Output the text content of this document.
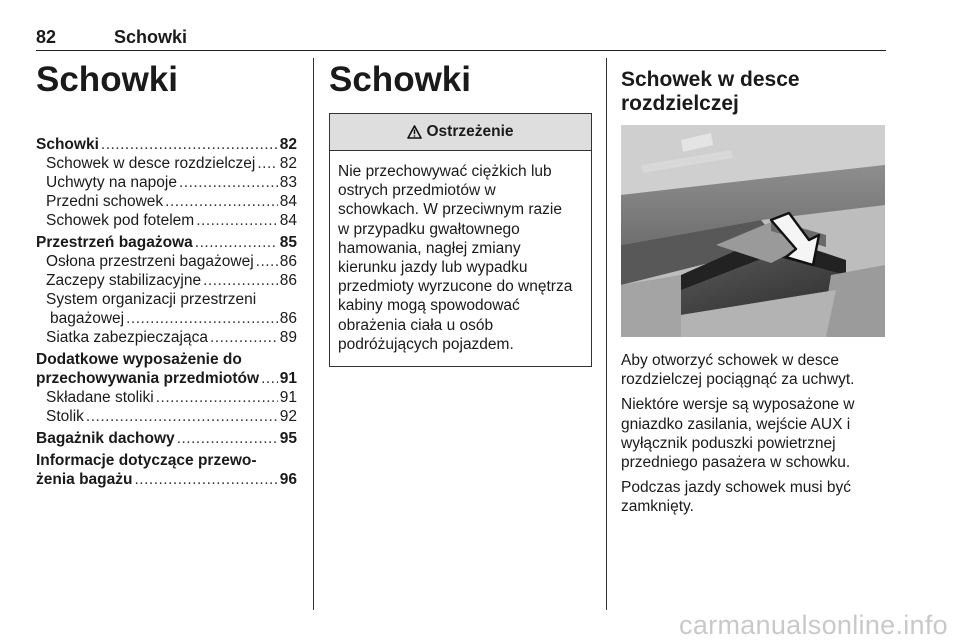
82	Schowki
Schowki
Schowki .....	82
Schowek w desce rozdzielczej ..... 82
Uchwyty na napoje .....	83
Przedni schowek .....	84
Schowek pod fotelem .....	84
Przestrzeń bagażowa .....	85
Osłona przestrzeni bagażowej ..... 86
Zaczepy stabilizacyjne .....	86
System organizacji przestrzeni
bagażowej .....	86
Siatka zabezpieczająca .....	89
Dodatkowe wyposażenie do
przechowywania przedmiotów ..... 91
Składane stoliki .....	91
Stolik .....	92
Bagażnik dachowy .....	95
Informacje dotyczące przewo-
żenia bagażu .....	96
Schowki
Ostrzeżenie
Nie przechowywać ciężkich lub
ostrych przedmiotów w
schowkach. W przeciwnym razie
w przypadku gwałtownego
hamowania, nagłej zmiany
kierunku jazdy lub wypadku
przedmioty wyrzucone do wnętrza
kabiny mogą spowodować
obrażenia ciała u osób
podróżujących pojazdem.
Schowek w desce
rozdzielczej

Aby otworzyć schowek w desce
rozdzielczej pociągnąć za uchwyt.

Niektóre wersje są wyposażone w
gniazdko zasilania, wejście AUX i
wyłącznik poduszki powietrznej
przedniego pasażera w schowku.

Podczas jazdy schowek musi być
zamknięty.

carmanualsonline.info
